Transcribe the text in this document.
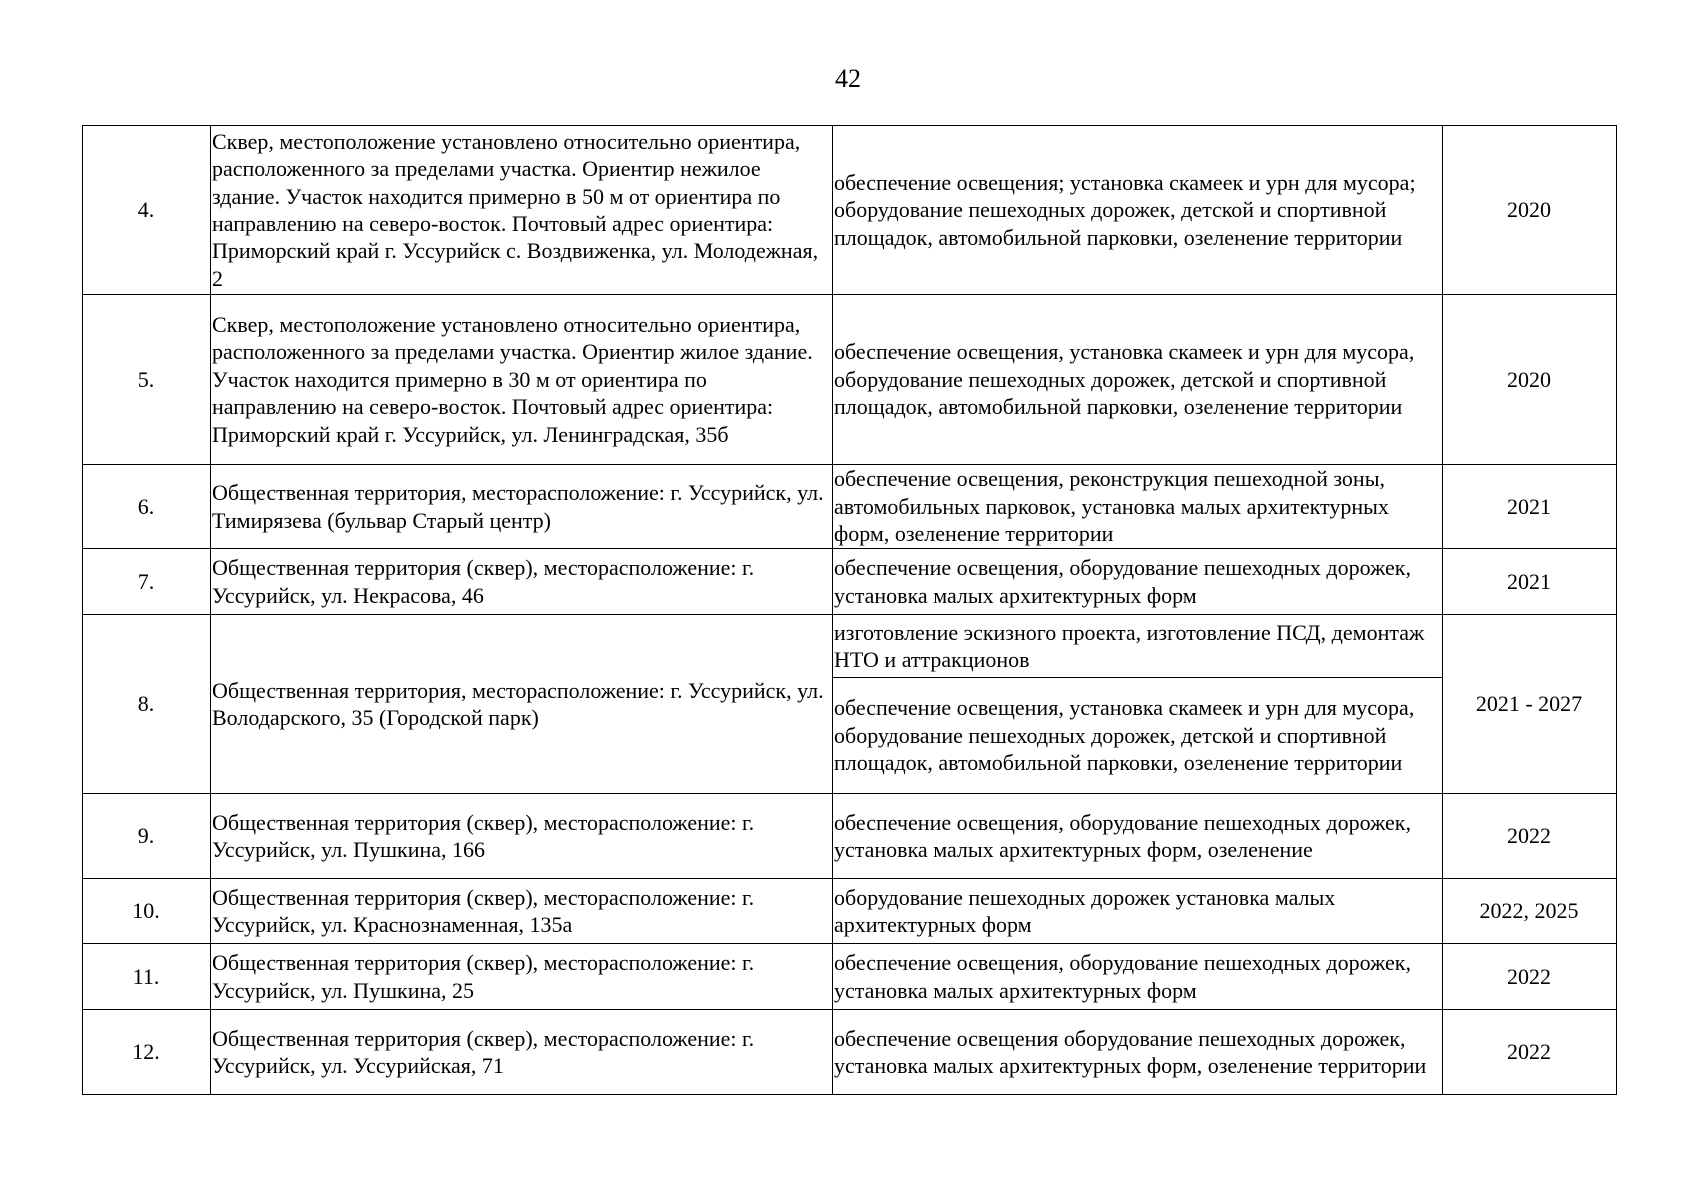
42
4.	Сквер, местоположение установлено относительно ориентира, расположенного за пределами участка. Ориентир нежилое здание. Участок находится примерно в 50 м от ориентира по направлению на северо-восток. Почтовый адрес ориентира: Приморский край г. Уссурийск с. Воздвиженка, ул. Молодежная, 2	обеспечение освещения; установка скамеек и урн для мусора; оборудование пешеходных дорожек, детской и спортивной площадок, автомобильной парковки, озеленение территории	2020
5.	Сквер, местоположение установлено относительно ориентира, расположенного за пределами участка. Ориентир жилое здание. Участок находится примерно в 30 м от ориентира по направлению на северо-восток. Почтовый адрес ориентира: Приморский край г. Уссурийск, ул. Ленинградская, 35б	обеспечение освещения, установка скамеек и урн для мусора, оборудование пешеходных дорожек, детской и спортивной площадок, автомобильной парковки, озеленение территории	2020
6.	Общественная территория, месторасположение: г. Уссурийск, ул. Тимирязева (бульвар Старый центр)	обеспечение освещения, реконструкция пешеходной зоны, автомобильных парковок, установка малых архитектурных форм, озеленение территории	2021
7.	Общественная территория (сквер), месторасположение: г. Уссурийск, ул. Некрасова, 46	обеспечение освещения, оборудование пешеходных дорожек, установка малых архитектурных форм	2021
8.	Общественная территория, месторасположение: г. Уссурийск, ул. Володарского, 35 (Городской парк)	изготовление эскизного проекта, изготовление ПСД, демонтаж НТО и аттракционов	2021 - 2027
		обеспечение освещения, установка скамеек и урн для мусора, оборудование пешеходных дорожек, детской и спортивной площадок, автомобильной парковки, озеленение территории	
9.	Общественная территория (сквер), месторасположение: г. Уссурийск, ул. Пушкина, 166	обеспечение освещения, оборудование пешеходных дорожек, установка малых архитектурных форм, озеленение	2022
10.	Общественная территория (сквер), месторасположение: г. Уссурийск, ул. Краснознаменная, 135а	оборудование пешеходных дорожек установка малых архитектурных форм	2022, 2025
11.	Общественная территория (сквер), месторасположение: г. Уссурийск, ул. Пушкина, 25	обеспечение освещения, оборудование пешеходных дорожек, установка малых архитектурных форм	2022
12.	Общественная территория (сквер), месторасположение: г. Уссурийск, ул. Уссурийская, 71	обеспечение освещения оборудование пешеходных дорожек, установка малых архитектурных форм, озеленение территории	2022
